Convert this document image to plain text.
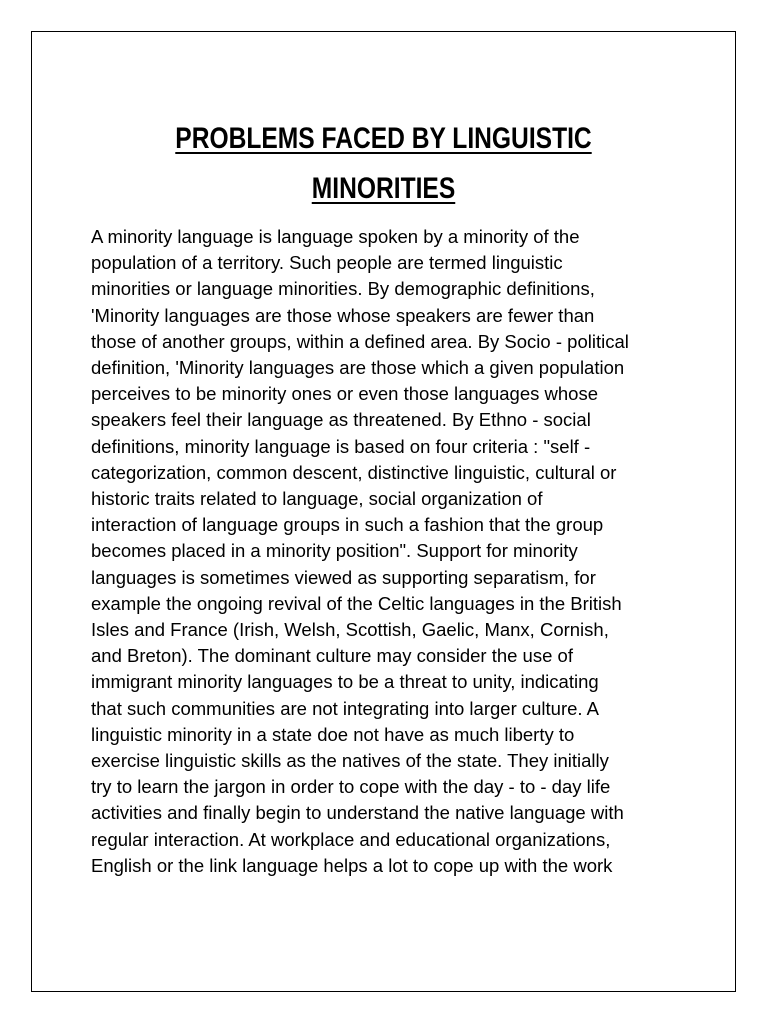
PROBLEMS FACED BY LINGUISTIC
MINORITIES

A minority language is language spoken by a minority of the
population of a territory. Such people are termed linguistic
minorities or language minorities. By demographic definitions,
'Minority languages are those whose speakers are fewer than
those of another groups, within a defined area. By Socio - political
definition, 'Minority languages are those which a given population
perceives to be minority ones or even those languages whose
speakers feel their language as threatened. By Ethno - social
definitions, minority language is based on four criteria : "self -
categorization, common descent, distinctive linguistic, cultural or
historic traits related to language, social organization of
interaction of language groups in such a fashion that the group
becomes placed in a minority position". Support for minority
languages is sometimes viewed as supporting separatism, for
example the ongoing revival of the Celtic languages in the British
Isles and France (Irish, Welsh, Scottish, Gaelic, Manx, Cornish,
and Breton). The dominant culture may consider the use of
immigrant minority languages to be a threat to unity, indicating
that such communities are not integrating into larger culture. A
linguistic minority in a state doe not have as much liberty to
exercise linguistic skills as the natives of the state. They initially
try to learn the jargon in order to cope with the day - to - day life
activities and finally begin to understand the native language with
regular interaction. At workplace and educational organizations,
English or the link language helps a lot to cope up with the work
